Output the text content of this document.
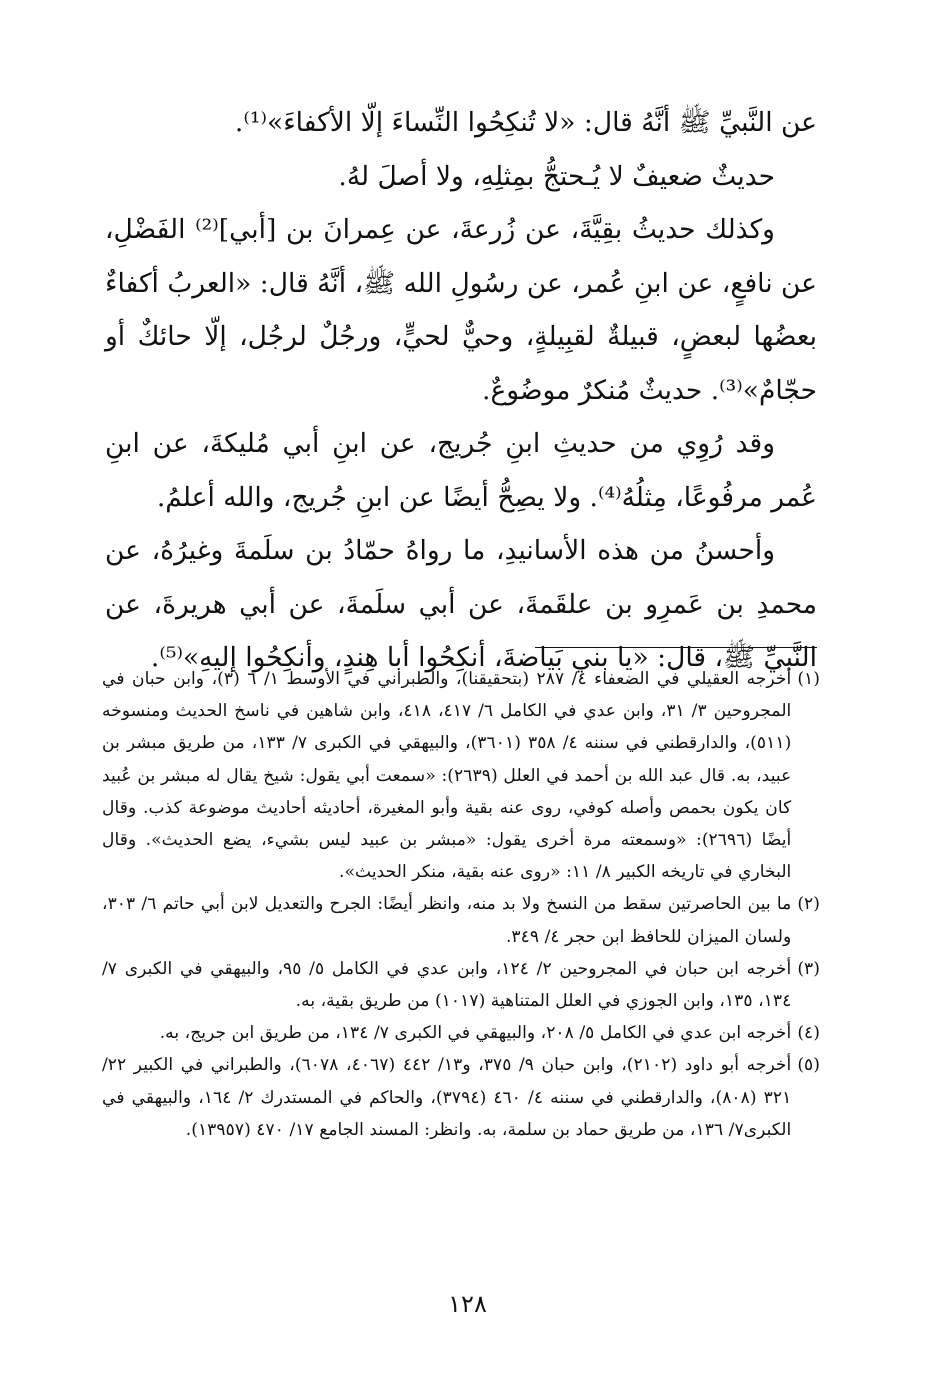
عن النَّبيِّ ﷺ أنَّهُ قال: «لا تُنكِحُوا النِّساءَ إلّا الأكفاءَ»⁽¹⁾.

حديثٌ ضعيفٌ لا يُـحتجُّ بمِثلِهِ، ولا أصلَ لهُ.

وكذلك حديثُ بقِيَّةَ، عن زُرعةَ، عن عِمرانَ بن [أبي]⁽²⁾ الفَضْلِ، عن نافعٍ، عن ابنِ عُمر، عن رسُولِ الله ﷺ، أنَّهُ قال: «العربُ أكفاءٌ بعضُها لبعضٍ، قبيلةٌ لقبِيلةٍ، وحيٌّ لحيٍّ، ورجُلٌ لرجُل، إلّا حائكٌ أو حجّامٌ»⁽³⁾. حديثٌ مُنكرٌ موضُوعٌ.

وقد رُوِي من حديثِ ابنِ جُريج، عن ابنِ أبي مُليكةَ، عن ابنِ عُمر مرفُوعًا، مِثلُهُ⁽⁴⁾. ولا يصِحُّ أيضًا عن ابنِ جُريج، والله أعلمُ.

وأحسنُ من هذه الأسانيدِ، ما رواهُ حمّادُ بن سلَمةَ وغيرُهُ، عن محمدِ بن عَمرِو بن علقَمةَ، عن أبي سلَمةَ، عن أبي هريرةَ، عن النَّبيِّ ﷺ، قال: «يا بني بَياضةَ، أنكِحُوا أبا هِندٍ، وأنكِحُوا إليهِ»⁽⁵⁾.

(١)
أخرجه العقيلي في الضعفاء ٤/ ٢٨٧ (بتحقيقنا)، والطبراني في الأوسط ١/ ٦ (٣)، وابن حبان في المجروحين ٣/ ٣١، وابن عدي في الكامل ٦/ ٤١٧، ٤١٨، وابن شاهين في ناسخ الحديث ومنسوخه (٥١١)، والدارقطني في سننه ٤/ ٣٥٨ (٣٦٠١)، والبيهقي في الكبرى ٧/ ١٣٣، من طريق مبشر بن عبيد، به. قال عبد الله بن أحمد في العلل (٢٦٣٩): «سمعت أبي يقول: شيخ يقال له مبشر بن عُبيد كان يكون بحمص وأصله كوفي، روى عنه بقية وأبو المغيرة، أحاديثه أحاديث موضوعة كذب. وقال أيضًا (٢٦٩٦): «وسمعته مرة أخرى يقول: «مبشر بن عبيد ليس بشيء، يضع الحديث». وقال البخاري في تاريخه الكبير ٨/ ١١: «روى عنه بقية، منكر الحديث».
(٢)
ما بين الحاصرتين سقط من النسخ ولا بد منه، وانظر أيضًا: الجرح والتعديل لابن أبي حاتم ٦/ ٣٠٣، ولسان الميزان للحافظ ابن حجر ٤/ ٣٤٩.
(٣)
أخرجه ابن حبان في المجروحين ٢/ ١٢٤، وابن عدي في الكامل ٥/ ٩٥، والبيهقي في الكبرى ٧/ ١٣٤، ١٣٥، وابن الجوزي في العلل المتناهية (١٠١٧) من طريق بقية، به.
(٤)
أخرجه ابن عدي في الكامل ٥/ ٢٠٨، والبيهقي في الكبرى ٧/ ١٣٤، من طريق ابن جريج، به.
(٥)
أخرجه أبو داود (٢١٠٢)، وابن حبان ٩/ ٣٧٥، و١٣/ ٤٤٢ (٤٠٦٧، ٦٠٧٨)، والطبراني في الكبير ٢٢/ ٣٢١ (٨٠٨)، والدارقطني في سننه ٤/ ٤٦٠ (٣٧٩٤)، والحاكم في المستدرك ٢/ ١٦٤، والبيهقي في الكبرى٧/ ١٣٦، من طريق حماد بن سلمة، به. وانظر: المسند الجامع ١٧/ ٤٧٠ (١٣٩٥٧).
١٢٨
